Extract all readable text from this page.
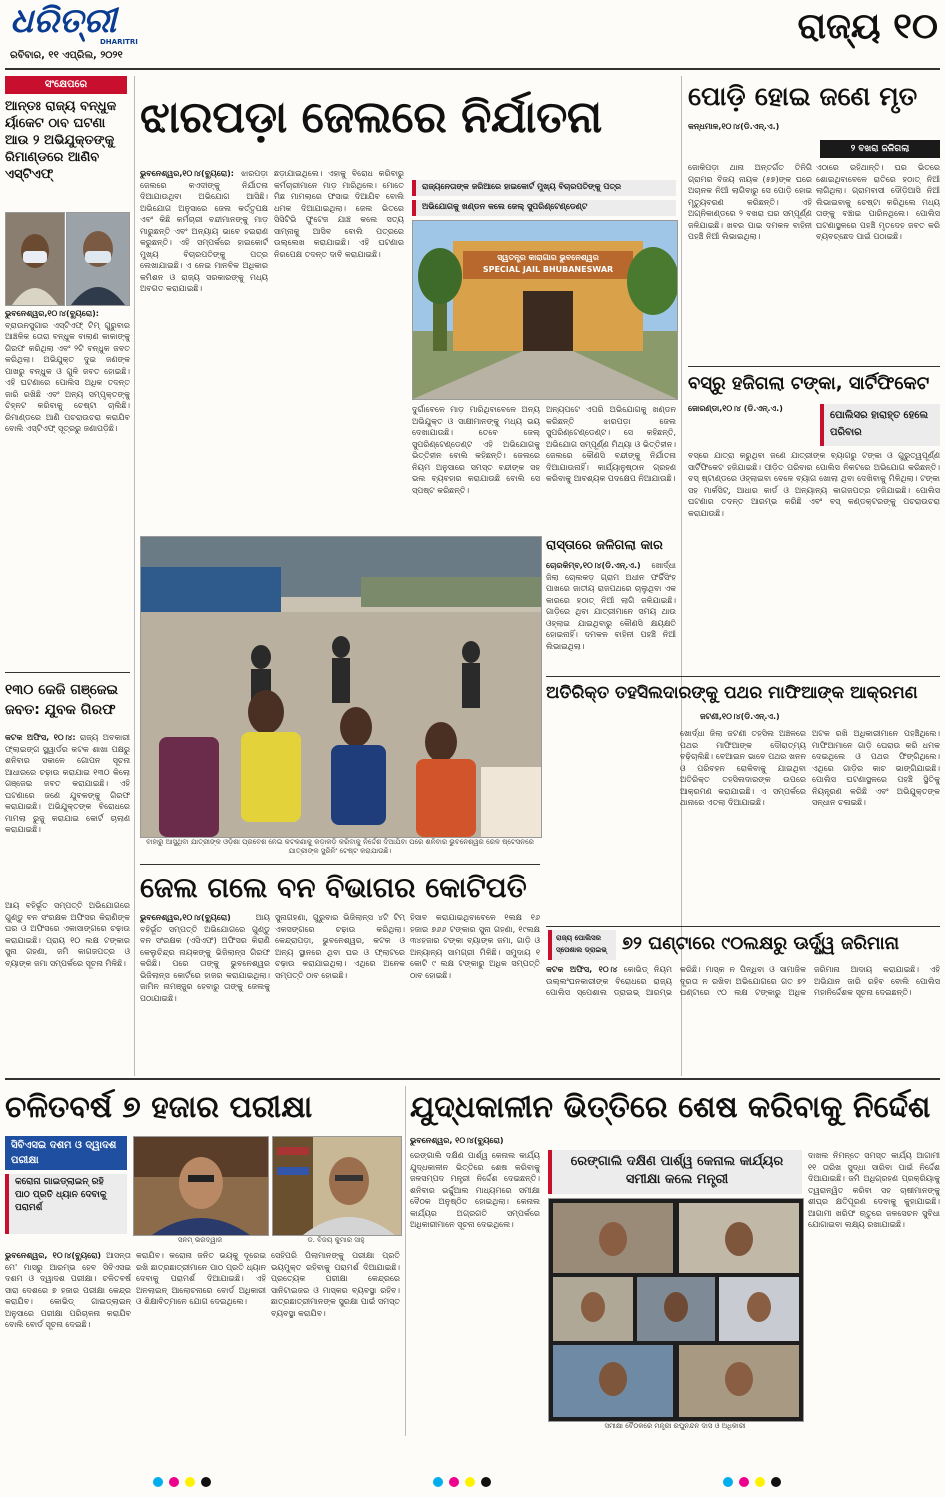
ଧରିତ୍ରୀ
DHARITRI
ରବିବାର, ୧୧ ଏପ୍ରିଲ, ୨୦୨୧
ରାଜ୍ୟ ୧୦
ସଂକ୍ଷେପରେ
ଆନ୍ତଃ ରାଜ୍ୟ ବନ୍ଧୁକ ର୍ୟାକେଟ ଠାବ ଘଟଣା ଆଉ ୨ ଅଭିଯୁକ୍ତଙ୍କୁ ରିମାଣ୍ଡରେ ଆଣିବ ଏସ୍‌ଟିଏଫ୍
ଭୁବନେଶ୍ୱର,୧୦।୪(ବ୍ୟୁରୋ): ବ୍ରାଉନସୁଗାର ଏସ୍‌ଟିଏଫ୍ ଟିମ୍ ଗୁରୁବାର ଆଞ୍ଚଳିକ ତୋରା ବନ୍ଧୁକ ବାଲାଣ କାକାଙ୍କୁ ଗିରଫ କରିଥିଲା ଏବଂ ୨ଟି ବନ୍ଧୁକ ଜବତ କରିଥିଲା। ଅଭିଯୁକ୍ତ ଦୁଇ ଜଣଙ୍କ ପାଖରୁ ବନ୍ଧୁକ ଓ ଗୁଳି ଜବତ ହୋଇଛି। ଏହି ଘଟଣାରେ ପୋଲିସ ଅଧିକ ତଦନ୍ତ ଜାରି ରଖିଛି ଏବଂ ଅନ୍ୟ ସମ୍ପୃକ୍ତଙ୍କୁ ଚିହ୍ନଟ କରିବାକୁ ଚେଷ୍ଟା ଚାଲିଛି। ରିମାଣ୍ଡରେ ଆଣି ପଚରାଉଚରା କରାଯିବ ବୋଲି ଏସ୍‌ଟିଏଫ୍ ସୂତ୍ରରୁ ଜଣାପଡ଼ିଛି।
୧୩୦ କେଜି ଗଞ୍ଜେଇ ଜବତ: ଯୁବକ ଗିରଫ
କଟକ ଅଫିସ, ୧୦।୪: ରାଜ୍ୟ ଅବକାରୀ ଫ୍ଲାଇଙ୍ଗ ସ୍କ୍ୱାର୍ଡର କଟକ ଶାଖା ପକ୍ଷରୁ ଶନିବାର ସକାଳେ ଗୋପନ ସୂଚନା ଆଧାରରେ ଚଢ଼ାଉ କରାଯାଇ ୧୩୦ କିଲୋ ଗଞ୍ଜେଇ ଜବତ କରାଯାଇଛି। ଏହି ଘଟଣାରେ ଜଣେ ଯୁବକଙ୍କୁ ଗିରଫ କରାଯାଇଛି। ଅଭିଯୁକ୍ତଙ୍କ ବିରୋଧରେ ମାମଲା ରୁଜୁ କରାଯାଇ କୋର୍ଟ ଚାଲାଣ କରାଯାଇଛି।
ଝାରପଡ଼ା ଜେଲରେ ନିର୍ଯାତନା
ଭୁବନେଶ୍ୱର,୧୦।୪(ବ୍ୟୁରୋ): ଝାରପଡ଼ା ଜେଲରେ କଏଦୀଙ୍କୁ ନିର୍ଯାତନା ଦିଆଯାଉଥିବା ଅଭିଯୋଗ ଆସିଛି। ଅଭିଯୋଗ ଅନୁସାରେ ଜେଲ କର୍ତ୍ତୃପକ୍ଷ ଏବଂ କିଛି କର୍ମଚାରୀ ବନ୍ଦୀମାନଙ୍କୁ ମାଡ଼ ମାରୁଛନ୍ତି ଏବଂ ଅନ୍ୟାୟ ଭାବେ ହଇରାଣ କରୁଛନ୍ତି। ଏହି ସମ୍ପର୍କରେ ହାଇକୋର୍ଟ ମୁଖ୍ୟ ବିଚାରପତିଙ୍କୁ ପତ୍ର ଲେଖାଯାଇଛି। ଏ ନେଇ ମାନବିକ ଅଧିକାର କମିଶନ ଓ ରାଜ୍ୟ ସରକାରଙ୍କୁ ମଧ୍ୟ ଅବଗତ କରାଯାଇଛି।
ଛଡ଼ାଯାଇଥିଲେ। ଏହାକୁ ବିରୋଧ କରିବାରୁ କର୍ମଚାରୀମାନେ ମାଡ଼ ମାରିଥିଲେ। ମୋତେ ମିଛ ମାମଲାରେ ଫସାଇ ଦିଆଯିବ ବୋଲି ଧମକ ଦିଆଯାଇଥିଲା। ଜେଲ ଭିତରେ ସିସିଟିଭି ଫୁଟେଜ ଯାଞ୍ଚ କଲେ ସତ୍ୟ ସାମ୍ନାକୁ ଆସିବ ବୋଲି ପତ୍ରରେ ଉଲ୍ଲେଖ କରାଯାଇଛି। ଏହି ଘଟଣାର ନିରପେକ୍ଷ ତଦନ୍ତ ଦାବି କରାଯାଇଛି।
ରାଜ୍ୟନେତାଙ୍କ ଜରିଆରେ ହାଇକୋର୍ଟ ମୁଖ୍ୟ ବିଚାରପତିଙ୍କୁ ପତ୍ର
ଅଭିଯୋଗକୁ ଖଣ୍ଡନ କଲେ ଜେଲ୍ ସୁପରିଣ୍ଟେଣ୍ଡେଣ୍ଟ
ସ୍ୱତନ୍ତ୍ର କାରାଗାର ଭୁବନେଶ୍ୱର
SPECIAL JAIL BHUBANESWAR
ଦୁର୍ଗାବେଳେ ମାଡ଼ ମାରିଥିବାବେଳେ ଅନ୍ୟ ଅଭିଯୁକ୍ତ ଓ ସାକ୍ଷୀମାନଙ୍କୁ ମଧ୍ୟ ଭୟ ଦେଖାଯାଉଛି। ତେବେ ଜେଲ୍ ସୁପରିଣ୍ଟେଣ୍ଡେଣ୍ଟ ଏହି ଅଭିଯୋଗକୁ ଭିତ୍ତିହୀନ ବୋଲି କହିଛନ୍ତି। ଜେଲରେ ନିୟମ ଅନୁସାରେ ସମସ୍ତ ବନ୍ଦୀଙ୍କ ସହ ଭଲ ବ୍ୟବହାର କରାଯାଉଛି ବୋଲି ସେ ସ୍ପଷ୍ଟ କରିଛନ୍ତି।
ଅନ୍ୟପଟେ ଏପରି ଅଭିଯୋଗକୁ ଖଣ୍ଡନ କରିଛନ୍ତି ଝାରପଡ଼ା ଜେଲ ସୁପରିଣ୍ଟେଣ୍ଡେଣ୍ଟ। ସେ କହିଛନ୍ତି, ଅଭିଯୋଗ ସମ୍ପୂର୍ଣ୍ଣ ମିଥ୍ୟା ଓ ଭିତ୍ତିହୀନ। ଜେଲରେ କୌଣସି ବନ୍ଦୀଙ୍କୁ ନିର୍ଯାତନା ଦିଆଯାଉନାହିଁ। କାର୍ଯ୍ୟାନୁଷ୍ଠାନ ଗ୍ରହଣ କରିବାକୁ ଆବଶ୍ୟକ ପଦକ୍ଷେପ ନିଆଯାଉଛି।
ବାହାରୁ ଆସୁଥିବା ଯାତ୍ରୀଙ୍କ ଓଡ଼ିଶା ପ୍ରବେଶ ନେଇ କଟକଣାକୁ କଡ଼ାକଡ଼ି କରିବାକୁ ନିର୍ଦ୍ଦେଶ ଦିଆଯିବା ପରେ ଶନିବାର ଭୁବନେଶ୍ୱର ରେଳ ଷ୍ଟେସନରେ ଯାତ୍ରୀଙ୍କ ସ୍କ୍ରିନିଂ ଟେଷ୍ଟ କରାଯାଉଛି।
ରାସ୍ତାରେ ଜଳିଗଲା କାର
ଚୋରକିମ୍ବ,୧୦।୪(ଡି.ଏନ୍.ଏ.) ଖୋର୍ଦ୍ଧା ଜିଲା ଚୋଲକଡ଼ ଗ୍ରାମ ଅଧୀନ ଫର୍ଚ୍ଚିସିଂହ ପାଖରେ ଜାତୀୟ ରାଜପଥରେ ଚାଲୁଥିବା ଏକ କାରରେ ହଠାତ୍ ନିଆଁ ଲାଗି ଜଳିଯାଇଛି। ଗାଡ଼ିରେ ଥିବା ଯାତ୍ରୀମାନେ ସମୟ ଥାଉ ଓହ୍ଲାଇ ଯାଇଥିବାରୁ କୌଣସି କ୍ଷୟକ୍ଷତି ହୋଇନାହିଁ। ଦମକଳ ବାହିନୀ ପହଞ୍ଚି ନିଆଁ ଲିଭାଇଥିଲା।
ଜେଲ ଗଲେ ବନ ବିଭାଗର କୋଟିପତି
ଭୁବନେଶ୍ୱର,୧୦।୪(ବ୍ୟୁରୋ)	ଆୟ ବହିର୍ଭୂତ ସମ୍ପତ୍ତି ଅଭିଯୋଗରେ ଗୁଣ୍ଡୁ ବନ ସଂରକ୍ଷକ (ଏସିଏଫ) ଅଫିସର କିରାଣି କେଲୁଚିନ୍ଦ୍ର ନାୟକଙ୍କୁ ଭିଜିଲାନ୍ସ ଗିରଫ କରିଛି। ପରେ ତାଙ୍କୁ ଭୁବନେଶ୍ୱର ଭିଜିଲାନ୍ସ କୋର୍ଟରେ ହାଜର କରାଯାଇଥିଲା। ଜାମିନ ନାମଞ୍ଜୁର ହେବାରୁ ତାଙ୍କୁ ଜେଲକୁ ପଠାଯାଇଛି।
ସୁନାଗହଣା, ଗୁରୁବାର ଭିଜିଲାନ୍ସ ୪ଟି ଟିମ୍ ଏକସଙ୍ଗରେ ଚଢ଼ାଉ କରିଥିଲା। କେନ୍ଦ୍ରାପଡ଼ା, ଭୁବନେଶ୍ୱର, କଟକ ଓ ଅନ୍ୟ ସ୍ଥାନରେ ଥିବା ଘର ଓ ଫ୍ଲାଟରେ ଚଢ଼ାଉ କରାଯାଇଥିଲା। ଏଥିରେ ଅନେକ ସମ୍ପତ୍ତି ଠାବ ହୋଇଛି।
ହିସାବ କରାଯାଇଥିବାବେଳେ ୧ଲକ୍ଷ ୧୬ ହଜାର ୭୬୬ ଟଙ୍କାର ସୁନା ଗହଣା, ୧୯ଲକ୍ଷ ୩୪ହଜାର ଟଙ୍କା ବ୍ୟାଙ୍କ ଜମା, ଗାଡ଼ି ଓ ଅନ୍ୟାନ୍ୟ ସାମଗ୍ରୀ ମିଳିଛି। ସମୁଦାୟ ୧ କୋଟି ୯ ଲକ୍ଷ ଟଙ୍କାରୁ ଅଧିକ ସମ୍ପତ୍ତି ଠାବ ହୋଇଛି।
ପୋଡ଼ି ହୋଇ ଜଣେ ମୃତ
କନ୍ଧମାଳ,୧୦।୪(ଡି.ଏନ୍.ଏ.)
୨ ବଖରା ଜଳିଗଲା
ଜୋକିପଡ଼ା ଥାନା ଅନ୍ତର୍ଗତ ତିନିଗି ଗ୍ରାମର ବିଜୟ ନାୟକ (୫୭)ଙ୍କ ଘରେ ଅଚାନକ ନିଆଁ ଲାଗିବାରୁ ସେ ପୋଡ଼ି ହୋଇ ମୃତ୍ୟୁବରଣ କରିଛନ୍ତି। ଏହି ଅଗ୍ନିକାଣ୍ଡରେ ୨ ବଖରା ଘର ସମ୍ପୂର୍ଣ୍ଣ ଜଳିଯାଇଛି। ଖବର ପାଇ ଦମକଳ ବାହିନୀ ପହଞ୍ଚି ନିଆଁ ଲିଭାଇଥିଲା।
ଏଠାରେ ରହିଥାନ୍ତି। ଘର ଭିତରେ ଶୋଇଥିବାବେଳେ ରାତିରେ ହଠାତ୍ ନିଆଁ ଲାଗିଥିଲା। ଗ୍ରାମବାସୀ ଦୌଡ଼ିଆସି ନିଆଁ ଲିଭାଇବାକୁ ଚେଷ୍ଟା କରିଥିଲେ ମଧ୍ୟ ତାଙ୍କୁ ବଞ୍ଚାଇ ପାରିନଥିଲେ। ପୋଲିସ ଘଟଣାସ୍ଥଳରେ ପହଞ୍ଚି ମୃତଦେହ ଜବତ କରି ବ୍ୟବଚ୍ଛେଦ ପାଇଁ ପଠାଇଛି।
ବସ୍‌ରୁ ହଜିଗଲା ଟଙ୍କା, ସାର୍ଟିଫିକେଟ
ଜୋରଣ୍ଡା,୧୦।୪ (ଡି.ଏନ୍.ଏ.)
ପୋଲିସର ହାରାହ୍ତ ହେଲେ ପରିବାର
ବସ୍‌ରେ ଯାତ୍ରା କରୁଥିବା ଜଣେ ଯାତ୍ରୀଙ୍କ ବ୍ୟାଗରୁ ଟଙ୍କା ଓ ଗୁରୁତ୍ୱପୂର୍ଣ୍ଣ ସାର୍ଟିଫିକେଟ ହଜିଯାଇଛି। ପୀଡ଼ିତ ପରିବାର ପୋଲିସ ନିକଟରେ ଅଭିଯୋଗ କରିଛନ୍ତି। ବସ୍ ଷ୍ଟାଣ୍ଡରେ ଓହ୍ଲାଇବା ବେଳେ ବ୍ୟାଗ ଖୋଲା ଥିବା ଦେଖିବାକୁ ମିଳିଥିଲା। ଟଙ୍କା ସହ ମାର୍କସିଟ୍, ଆଧାର କାର୍ଡ ଓ ଅନ୍ୟାନ୍ୟ କାଗଜପତ୍ର ହଜିଯାଇଛି। ପୋଲିସ ଘଟଣାର ତଦନ୍ତ ଆରମ୍ଭ କରିଛି ଏବଂ ବସ୍ କଣ୍ଡକ୍ଟରଙ୍କୁ ପଚରାଉଚରା କରାଯାଉଛି।
ଅତିରିକ୍ତ ତହସିଲଦାରଙ୍କୁ ପଥର ମାଫିଆଙ୍କ ଆକ୍ରମଣ
ଜଟଣୀ,୧୦।୪(ଡି.ଏନ୍.ଏ.)
ଖୋର୍ଦ୍ଧା ଜିଲା ଜଟଣୀ ତହସିଲ ଅଞ୍ଚଳରେ ପଥର ମାଫିଆଙ୍କ ଦୌରାତ୍ମ୍ୟ ବଢ଼ିଚାଲିଛି। ବେଆଇନ ଭାବେ ପଥର ଖନନ ଓ ପରିବହନ ରୋକିବାକୁ ଯାଇଥିବା ଅତିରିକ୍ତ ତହସିଲଦାରଙ୍କ ଉପରେ ଆକ୍ରମଣ କରାଯାଇଛି। ଏ ସମ୍ପର୍କରେ ଥାନାରେ ଏତଲା ଦିଆଯାଇଛି।
ଅଟକ ରଖି ଅଧିକାରୀମାନେ ପହଞ୍ଚିଥିଲେ। ମାଫିଆମାନେ ଗାଡ଼ି ଘେରାଉ କରି ଧମକ ଦେଇଥିଲେ ଓ ପଥର ଫିଙ୍ଗିଥିଲେ। ଏଥିରେ ଗାଡ଼ିର କାଚ ଭାଙ୍ଗିଯାଇଛି। ପୋଲିସ ଘଟଣାସ୍ଥଳରେ ପହଞ୍ଚି ସ୍ଥିତିକୁ ନିୟନ୍ତ୍ରଣ କରିଛି ଏବଂ ଅଭିଯୁକ୍ତଙ୍କ ସନ୍ଧାନ ଚଳାଇଛି।
ରାଜ୍ୟ ପୋଲିସର ସ୍ପେଶାଲ ଡ୍ରାଇଭ୍ ୭୨ ଘଣ୍ଟାରେ ୯୦ଲକ୍ଷରୁ ଊର୍ଦ୍ଧ୍ୱ ଜରିମାନା
କଟକ ଅଫିସ, ୧୦।୪ କୋଭିଡ୍ ନିୟମ ଉଲ୍ଲଂଘନକାରୀଙ୍କ ବିରୋଧରେ ରାଜ୍ୟ ପୋଲିସ ସ୍ପେଶାଲ ଡ୍ରାଇଭ୍ ଆରମ୍ଭ କରିଛି। ମାସ୍କ ନ ପିନ୍ଧିବା ଓ ସାମାଜିକ ଦୂରତା ନ ରଖିବା ଅଭିଯୋଗରେ ଗତ ୭୨ ଘଣ୍ଟାରେ ୯୦ ଲକ୍ଷ ଟଙ୍କାରୁ ଅଧିକ ଜରିମାନା ଆଦାୟ କରାଯାଇଛି। ଏହି ଅଭିଯାନ ଜାରି ରହିବ ବୋଲି ପୋଲିସ ମହାନିର୍ଦ୍ଦେଶକ ସୂଚନା ଦେଇଛନ୍ତି।
ଆୟ ବହିର୍ଭୂତ ସମ୍ପତ୍ତି ଅଭିଯୋଗରେ ଗୁଣ୍ଡୁ ବନ ସଂରକ୍ଷକ ଅଫିସର କିରାଣିଙ୍କ ଘର ଓ ଅଫିସରେ ଏକାସାଙ୍ଗରେ ଚଢ଼ାଉ କରାଯାଇଛି। ପ୍ରାୟ ୧୦ ଲକ୍ଷ ଟଙ୍କାର ସୁନା ଗହଣା, ଜମି କାଗଜପତ୍ର ଓ ବ୍ୟାଙ୍କ ଜମା ସମ୍ପର୍କରେ ସୂଚନା ମିଳିଛି।
ଚଳିତବର୍ଷ ୭ ହଜାର ପରୀକ୍ଷା
ସିବିଏସଇ ଦଶମ ଓ ଦ୍ୱାଦଶ ପରୀକ୍ଷା
କରୋନା ଗାଇଡ୍‌ଲାଇନ୍ ରହି ପାଠ ପ୍ରତି ଧ୍ୟାନ ଦେବାକୁ ପରାମର୍ଶ
ସନମ୍ ଭରଦ୍ୱାଜ	ଡ. ବିଜୟ କୁମାର ସାହୁ
ଭୁବନେଶ୍ୱର, ୧୦।୪(ବ୍ୟୁରୋ) ଆସନ୍ତା ମେ' ମାସରୁ ଆରମ୍ଭ ହେବ ସିବିଏସଇ ଦଶମ ଓ ଦ୍ୱାଦଶ ପରୀକ୍ଷା। ଚଳିତବର୍ଷ ସାରା ଦେଶରେ ୭ ହଜାର ପରୀକ୍ଷା କେନ୍ଦ୍ର କରାଯିବ। କୋଭିଡ୍ ଗାଇଡ୍‌ଲାଇନ୍ ଅନୁସାରେ ପରୀକ୍ଷା ପରିଚାଳନା କରାଯିବ ବୋଲି ବୋର୍ଡ ସୂଚନା ଦେଇଛି।
କରାଯିବ। କରୋନା ଜନିତ ଭୟକୁ ଦୂରେଇ ରଖି ଛାତ୍ରଛାତ୍ରୀମାନେ ପାଠ ପ୍ରତି ଧ୍ୟାନ ଦେବାକୁ ପରାମର୍ଶ ଦିଆଯାଇଛି। ଏହି ଅନଲାଇନ୍ ଆଲୋଚନାରେ ବୋର୍ଡ ଅଧିକାରୀ ଓ ଶିକ୍ଷାବିତ୍‌ମାନେ ଯୋଗ ଦେଇଥିଲେ।
ସେହିପରି ପିଲାମାନଙ୍କୁ ପରୀକ୍ଷା ପ୍ରତି ଭୟମୁକ୍ତ ରହିବାକୁ ପରାମର୍ଶ ଦିଆଯାଇଛି। ପ୍ରତ୍ୟେକ ପରୀକ୍ଷା କେନ୍ଦ୍ରରେ ସାନିଟାଇଜର ଓ ମାସ୍କର ବ୍ୟବସ୍ଥା ରହିବ। ଛାତ୍ରଛାତ୍ରୀମାନଙ୍କ ସୁରକ୍ଷା ପାଇଁ ସମସ୍ତ ବ୍ୟବସ୍ଥା କରାଯିବ।
ଯୁଦ୍ଧକାଳୀନ ଭିତ୍ତିରେ ଶେଷ କରିବାକୁ ନିର୍ଦ୍ଦେଶ
ଭୁବନେଶ୍ୱର, ୧୦।୪(ବ୍ୟୁରୋ)
ରେଙ୍ଗାଲି ଦକ୍ଷିଣ ପାର୍ଶ୍ୱ କେନାଲ କାର୍ଯ୍ୟ ଯୁଦ୍ଧକାଳୀନ ଭିତ୍ତିରେ ଶେଷ କରିବାକୁ ଜଳସମ୍ପଦ ମନ୍ତ୍ରୀ ନିର୍ଦ୍ଦେଶ ଦେଇଛନ୍ତି। ଶନିବାର ଭର୍ଚ୍ଚୁଆଲ ମାଧ୍ୟମରେ ସମୀକ୍ଷା ବୈଠକ ଅନୁଷ୍ଠିତ ହୋଇଥିଲା। କେନାଲ କାର୍ଯ୍ୟର ଅଗ୍ରଗତି ସମ୍ପର୍କରେ ଅଧିକାରୀମାନେ ସୂଚନା ଦେଇଥିଲେ।
ରେଙ୍ଗାଲି ଦକ୍ଷିଣ ପାର୍ଶ୍ୱ କେନାଲ କାର୍ଯ୍ୟର ସମୀକ୍ଷା କଲେ ମନ୍ତ୍ରୀ
ସମୀକ୍ଷା ବୈଠକରେ ମନ୍ତ୍ରୀ ରଘୁନନ୍ଦନ ଦାସ ଓ ଅଧିକାରୀ
ଦାଖଲ ନିମନ୍ତେ ସମସ୍ତ କାର୍ଯ୍ୟ ଆଗାମୀ ୧୧ ତାରିଖ ସୁଦ୍ଧା ସାରିବା ପାଇଁ ନିର୍ଦ୍ଦେଶ ଦିଆଯାଇଛି। ଜମି ଅଧିଗ୍ରହଣ ପ୍ରକ୍ରିୟାକୁ ତ୍ୱରାନ୍ୱିତ କରିବା ସହ ଚାଷୀମାନଙ୍କୁ ଶୀଘ୍ର କ୍ଷତିପୂରଣ ଦେବାକୁ କୁହାଯାଇଛି। ଆଗାମୀ ଖରିଫ ଋତୁରେ ଜଳସେଚନ ସୁବିଧା ଯୋଗାଇବା ଲକ୍ଷ୍ୟ ରଖାଯାଇଛି।
